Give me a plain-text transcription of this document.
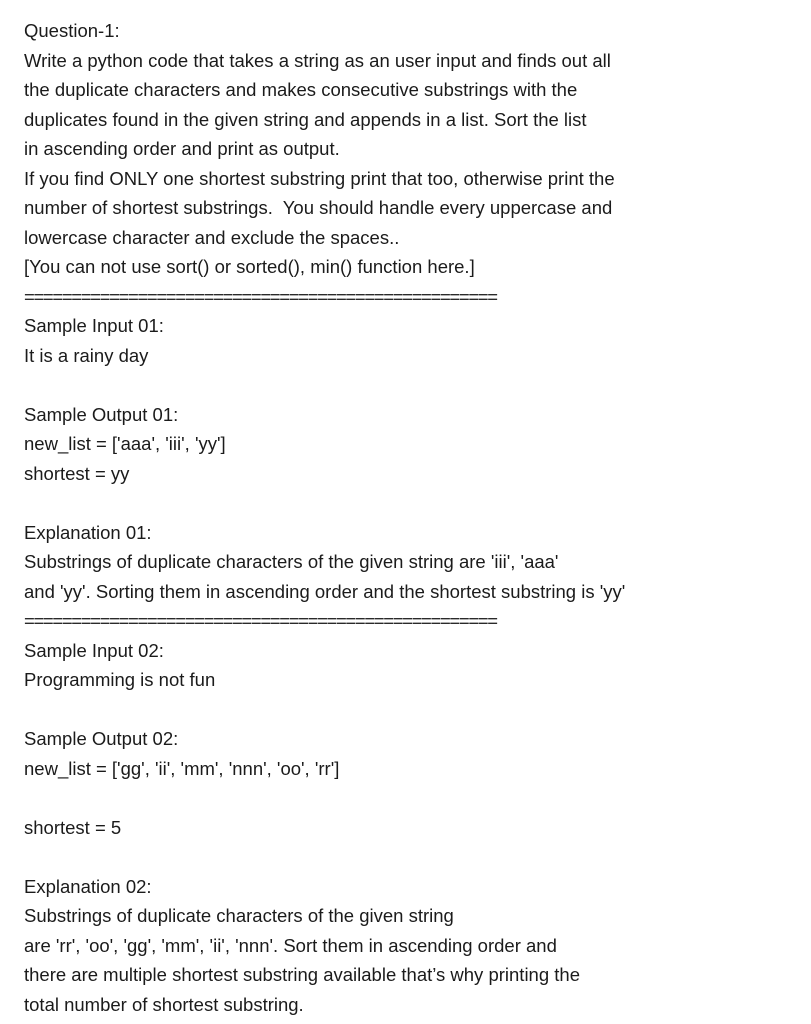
Question-1:
Write a python code that takes a string as an user input and finds out all
the duplicate characters and makes consecutive substrings with the
duplicates found in the given string and appends in a list. Sort the list
in ascending order and print as output.
If you find ONLY one shortest substring print that too, otherwise print the
number of shortest substrings.  You should handle every uppercase and
lowercase character and exclude the spaces..
[You can not use sort() or sorted(), min() function here.]
==================================================
Sample Input 01:
It is a rainy day
Sample Output 01:
new_list = ['aaa', 'iii', 'yy']
shortest = yy
Explanation 01:
Substrings of duplicate characters of the given string are 'iii', 'aaa'
and 'yy'. Sorting them in ascending order and the shortest substring is 'yy'
==================================================
Sample Input 02:
Programming is not fun
Sample Output 02:
new_list = ['gg', 'ii', 'mm', 'nnn', 'oo', 'rr']
shortest = 5
Explanation 02:
Substrings of duplicate characters of the given string
are 'rr', 'oo', 'gg', 'mm', 'ii', 'nnn'. Sort them in ascending order and
there are multiple shortest substring available that’s why printing the
total number of shortest substring.
